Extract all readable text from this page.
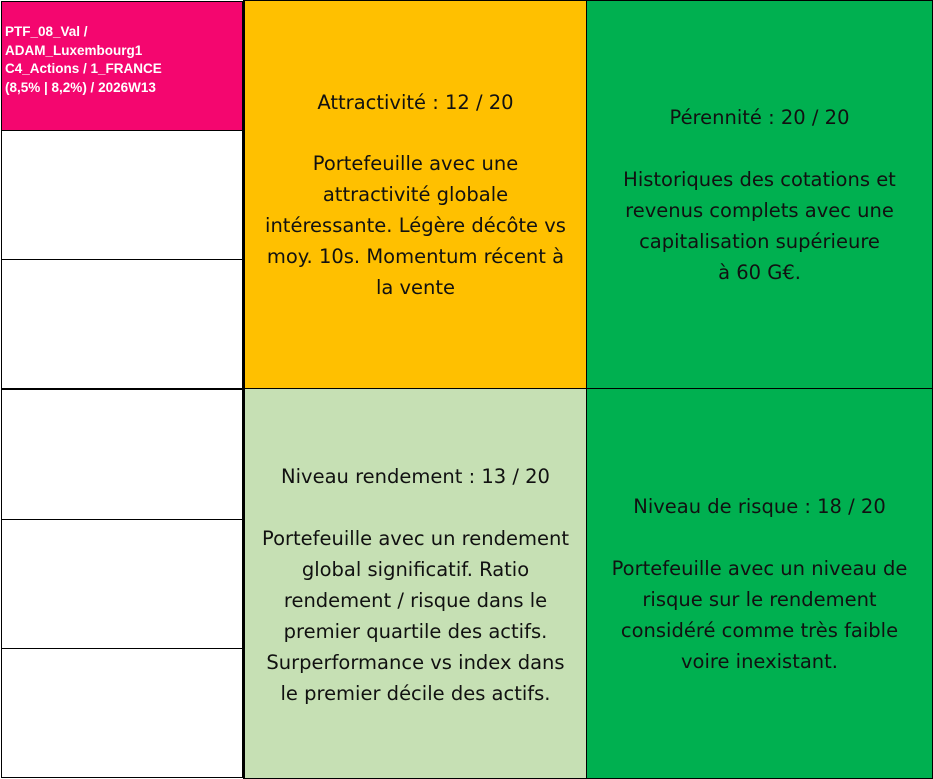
PTF_08_Val /
ADAM_Luxembourg1
C4_Actions / 1_FRANCE
(8,5% | 8,2%) / 2026W13
Attractivité : 12 / 20
Portefeuille avec une
attractivité globale
intéressante. Légère décôte vs
moy. 10s. Momentum récent à
la vente
Pérennité : 20 / 20
Historiques des cotations et
revenus complets avec une
capitalisation supérieure
à 60 G€.
Niveau rendement : 13 / 20
Portefeuille avec un rendement
global significatif. Ratio
rendement / risque dans le
premier quartile des actifs.
Surperformance vs index dans
le premier décile des actifs.
Niveau de risque : 18 / 20
Portefeuille avec un niveau de
risque sur le rendement
considéré comme très faible
voire inexistant.
